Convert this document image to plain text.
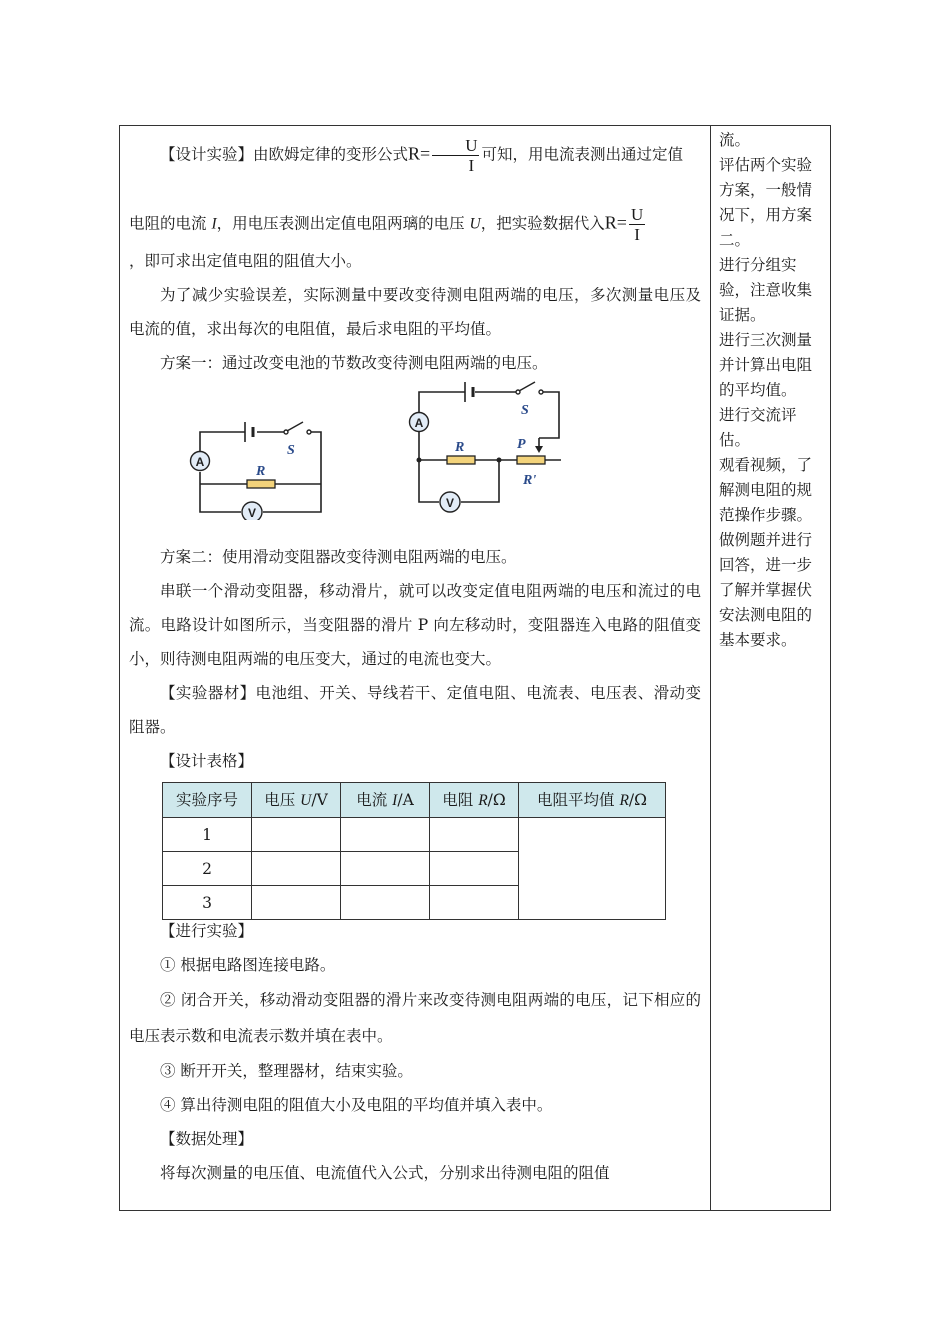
【设计实验】由欧姆定律的变形公式$R= \frac{U}{I}$ 可知，用电流表测出通过定值

电阻的电流 I，用电压表测出定值电阻两璃的电压 U，把实验数据代入$R= \frac{U}{I}$

，即可求出定值电阻的阻值大小。

为了减少实验误差，实际测量中要改变待测电阻两端的电压，多次测量电压及电流的值，求出每次的电阻值，最后求电阻的平均值。

方案一：通过改变电池的节数改变待测电阻两端的电压。

A
V
R
S
A
V
R
S
P
R'

方案二：使用滑动变阻器改变待测电阻两端的电压。

串联一个滑动变阻器，移动滑片，就可以改变定值电阻两端的电压和流过的电流。电路设计如图所示，当变阻器的滑片 P 向左移动时，变阻器连入电路的阻值变小，则待测电阻两端的电压变大，通过的电流也变大。

【实验器材】电池组、开关、导线若干、定值电阻、电流表、电压表、滑动变阻器。

【设计表格】

实验序号	电压 U/V	电流 I/A	电阻 R/Ω	电阻平均值 R/Ω
1				
2				
3				

【进行实验】

① 根据电路图连接电路。

② 闭合开关，移动滑动变阻器的滑片来改变待测电阻两端的电压，记下相应的电压表示数和电流表示数并填在表中。

③ 断开开关，整理器材，结束实验。

④ 算出待测电阻的阻值大小及电阻的平均值并填入表中。

【数据处理】

将每次测量的电压值、电流值代入公式，分别求出待测电阻的阻值

流。

评估两个实验方案，一般情况下，用方案二。

进行分组实验，注意收集证据。

进行三次测量并计算出电阻的平均值。

进行交流评估。

观看视频，了解测电阻的规范操作步骤。

做例题并进行回答，进一步了解并掌握伏安法测电阻的基本要求。
